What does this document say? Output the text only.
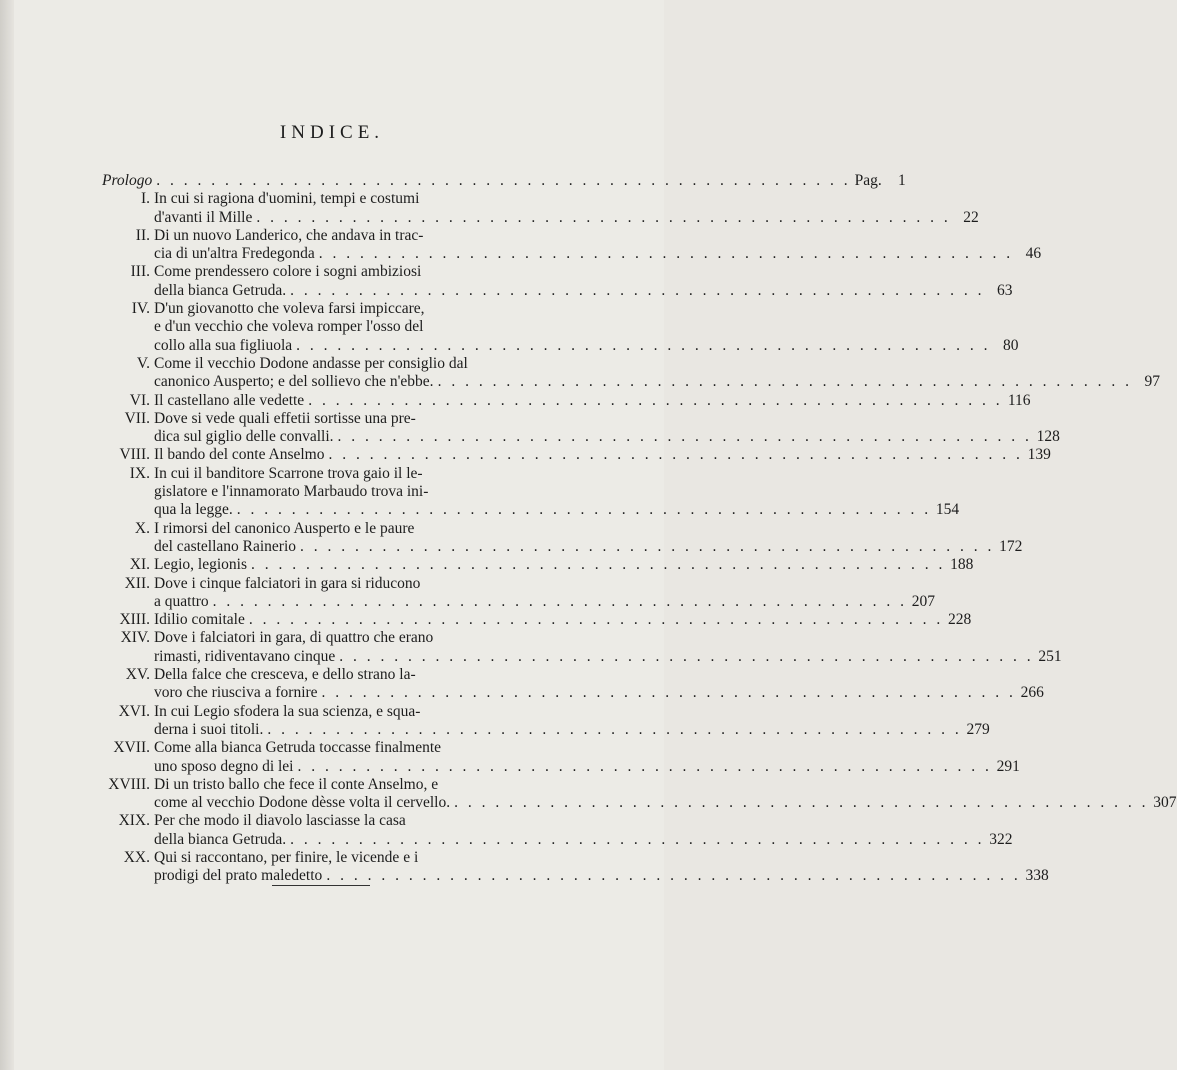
INDICE.
Prologo . . .	Pag. 1
I. In cui si ragiona d'uomini, tempi e costumi
d'avanti il Mille . . .	22
II. Di un nuovo Landerico, che andava in trac-
cia di un'altra Fredegonda . . .	46
III. Come prendessero colore i sogni ambiziosi
della bianca Getruda. . . .	63
IV. D'un giovanotto che voleva farsi impiccare,
e d'un vecchio che voleva romper l'osso del
collo alla sua figliuola . . .	80
V. Come il vecchio Dodone andasse per consiglio dal
canonico Ausperto; e del sollievo che n'ebbe. . . .	97
VI. Il castellano alle vedette . . .	116
VII. Dove si vede quali effetii sortisse una pre-
dica sul giglio delle convalli. . . .	128
VIII. Il bando del conte Anselmo . . .	139
IX. In cui il banditore Scarrone trova gaio il le-
gislatore e l'innamorato Marbaudo trova ini-
qua la legge. . . .	154
X. I rimorsi del canonico Ausperto e le paure
del castellano Rainerio . . .	172
XI. Legio, legionis . . .	188
XII. Dove i cinque falciatori in gara si riducono
a quattro . . .	207
XIII. Idilio comitale . . .	228
XIV. Dove i falciatori in gara, di quattro che erano
rimasti, ridiventavano cinque . . .	251
XV. Della falce che cresceva, e dello strano la-
voro che riusciva a fornire . . .	266
XVI. In cui Legio sfodera la sua scienza, e squa-
derna i suoi titoli. . . .	279
XVII. Come alla bianca Getruda toccasse finalmente
uno sposo degno di lei . . .	291
XVIII. Di un tristo ballo che fece il conte Anselmo, e
come al vecchio Dodone dèsse volta il cervello. . . .	307
XIX. Per che modo il diavolo lasciasse la casa
della bianca Getruda. . . .	322
XX. Qui si raccontano, per finire, le vicende e i
prodigi del prato maledetto . . .	338
